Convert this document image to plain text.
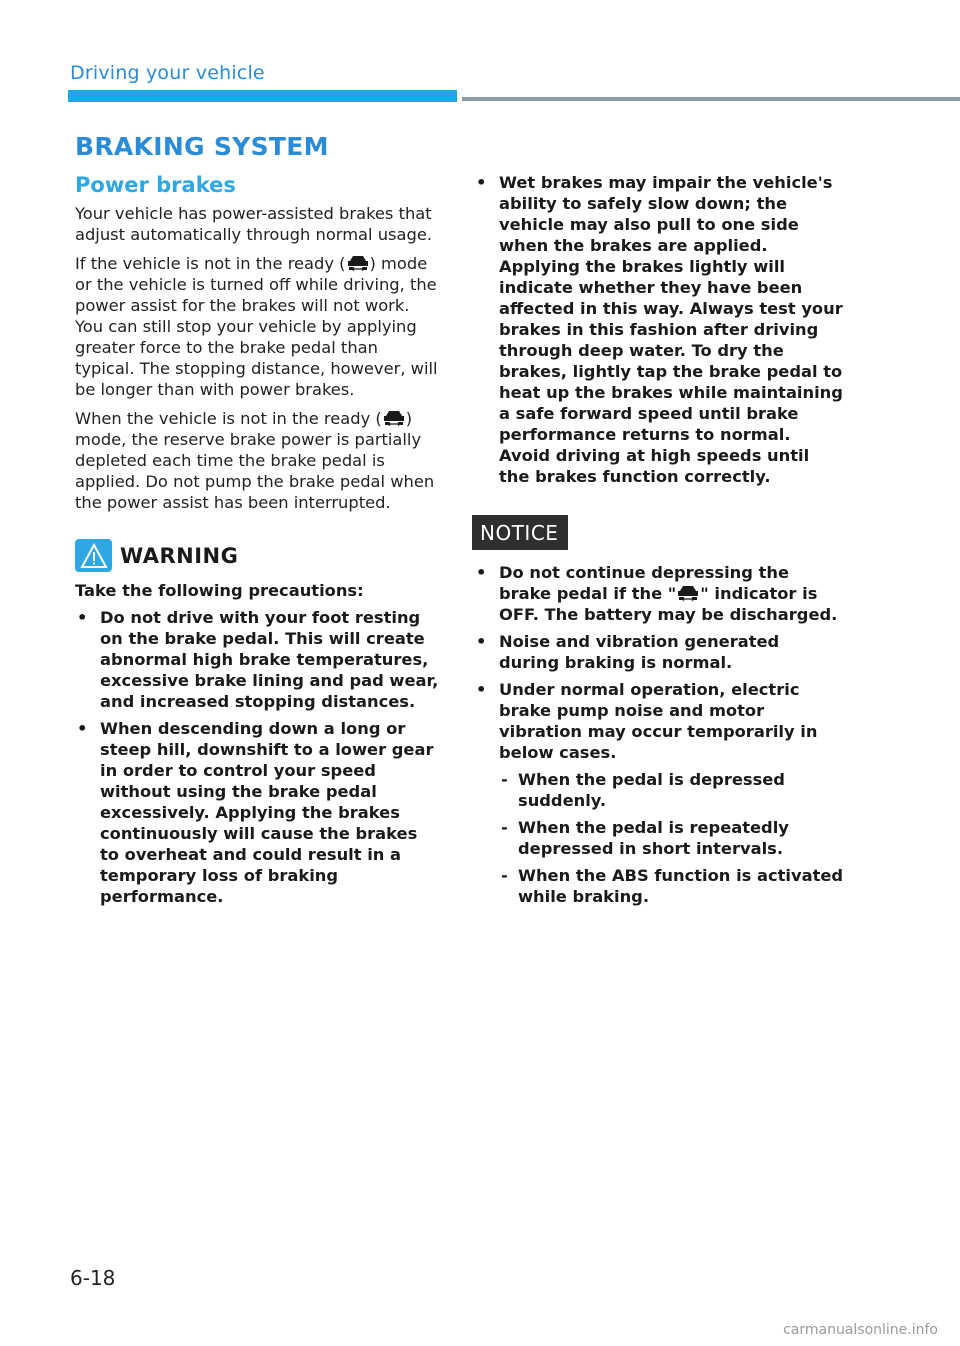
Driving your vehicle
BRAKING SYSTEM
Power brakes

Your vehicle has power-assisted brakes that adjust automatically through normal usage.

If the vehicle is not in the ready ( ) mode or the vehicle is turned off while driving, the power assist for the brakes will not work. You can still stop your vehicle by applying greater force to the brake pedal than typical. The stopping distance, however, will be longer than with power brakes.

When the vehicle is not in the ready ( ) mode, the reserve brake power is partially depleted each time the brake pedal is applied. Do not pump the brake pedal when the power assist has been interrupted.

WARNING

Take the following precautions:

• Do not drive with your foot resting on the brake pedal. This will create abnormal high brake temperatures, excessive brake lining and pad wear, and increased stopping distances.
• When descending down a long or steep hill, downshift to a lower gear in order to control your speed without using the brake pedal excessively. Applying the brakes continuously will cause the brakes to overheat and could result in a temporary loss of braking performance.
• Wet brakes may impair the vehicle's ability to safely slow down; the vehicle may also pull to one side when the brakes are applied. Applying the brakes lightly will indicate whether they have been affected in this way. Always test your brakes in this fashion after driving through deep water. To dry the brakes, lightly tap the brake pedal to heat up the brakes while maintaining a safe forward speed until brake performance returns to normal. Avoid driving at high speeds until the brakes function correctly.
NOTICE
• Do not continue depressing the brake pedal if the " " indicator is OFF. The battery may be discharged.
• Noise and vibration generated during braking is normal.
• Under normal operation, electric brake pump noise and motor vibration may occur temporarily in below cases.
- When the pedal is depressed suddenly.
- When the pedal is repeatedly depressed in short intervals.
- When the ABS function is activated while braking.
6-18
carmanualsonline.info
